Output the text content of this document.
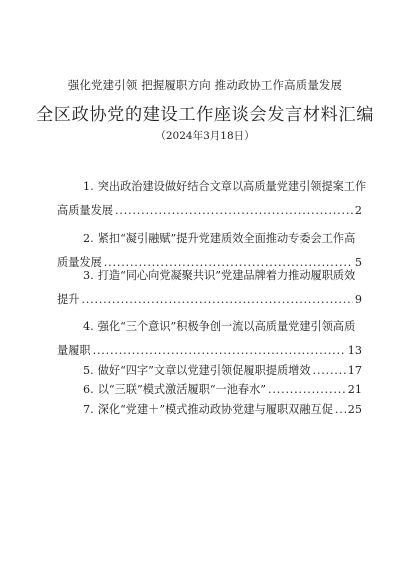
强化党建引领 把握履职方向 推动政协工作高质量发展
全区政协党的建设工作座谈会发言材料汇编
（2024年3月18日）
1. 突出政治建设做好结合文章以高质量党建引领提案工作
高质量发展 .....	2
2. 紧扣“凝引融赋”提升党建质效全面推动专委会工作高
质量发展 .....	5
3. 打造“同心向党凝聚共识”党建品牌着力推动履职质效
提升 .....	9
4. 强化“三个意识”积极争创一流以高质量党建引领高质
量履职 .....	13
5. 做好“四字”文章以党建引领促履职提质增效 .....	17
6. 以“三联”模式激活履职“一池春水” .....	21
7. 深化“党建＋”模式推动政协党建与履职双融互促 ..... 25
